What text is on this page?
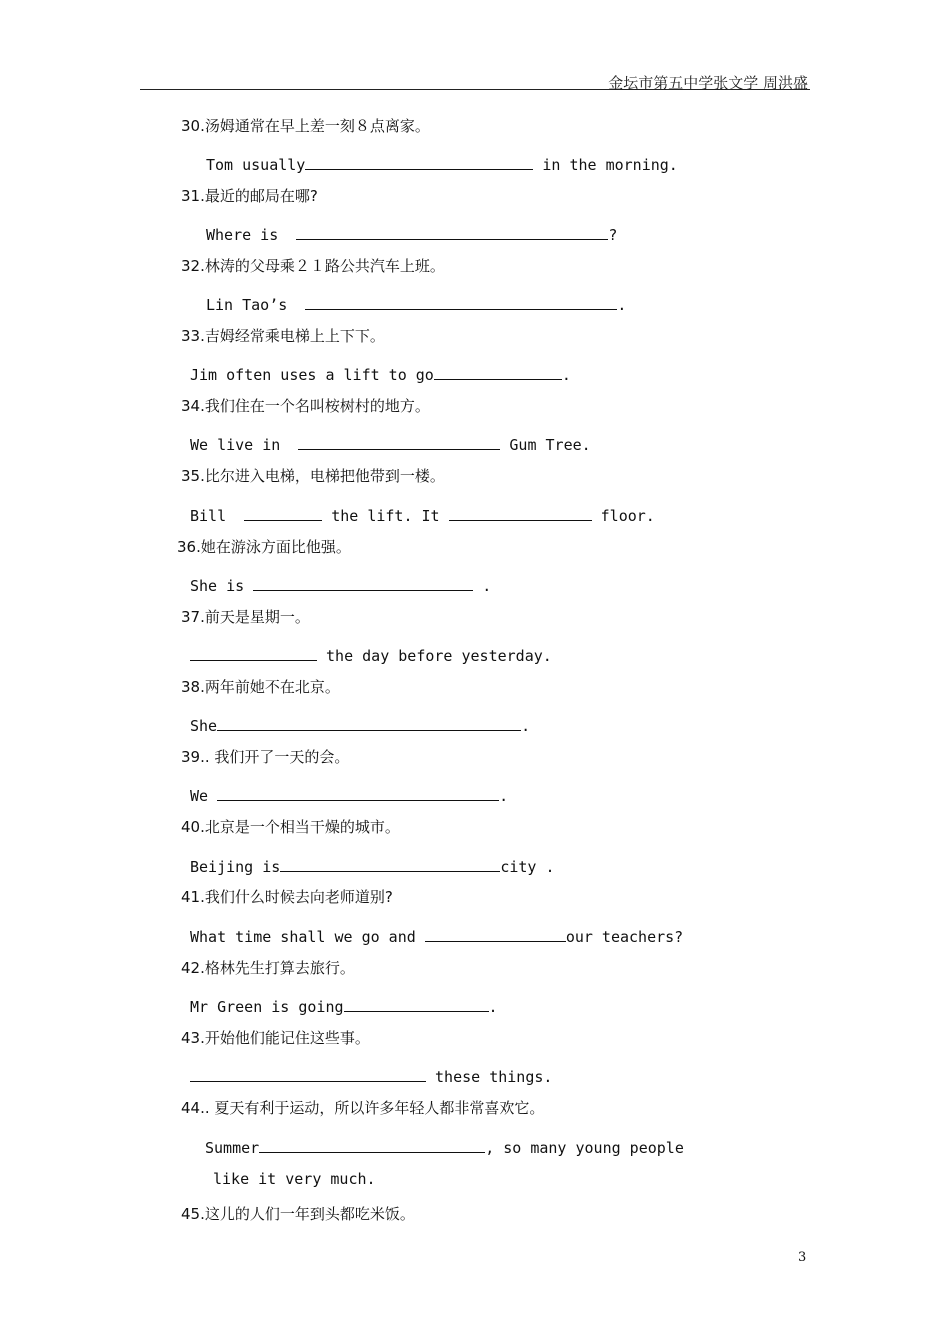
金坛市第五中学张文学 周洪盛
30.汤姆通常在早上差一刻８点离家。
Tom usually	in the morning.
31.最近的邮局在哪?
Where is	?
32.林涛的父母乘２１路公共汽车上班。
Lin Tao’s	.
33.吉姆经常乘电梯上上下下。
Jim often uses a lift to go	.
34.我们住在一个名叫桉树村的地方。
We live in	Gum Tree.
35.比尔进入电梯，电梯把他带到一楼。
Bill	the lift. It	floor.
36.她在游泳方面比他强。
She is	.
37.前天是星期一。
the day before yesterday.
38.两年前她不在北京。
She	.
39.. 我们开了一天的会。
We	.
40.北京是一个相当干燥的城市。
Beijing is	city .
41.我们什么时候去向老师道别?
What time shall we go and	our teachers?
42.格林先生打算去旅行。
Mr Green is going	.
43.开始他们能记住这些事。
these things.
44.. 夏天有利于运动，所以许多年轻人都非常喜欢它。
Summer	, so many young people
like it very much.
45.这儿的人们一年到头都吃米饭。
3
